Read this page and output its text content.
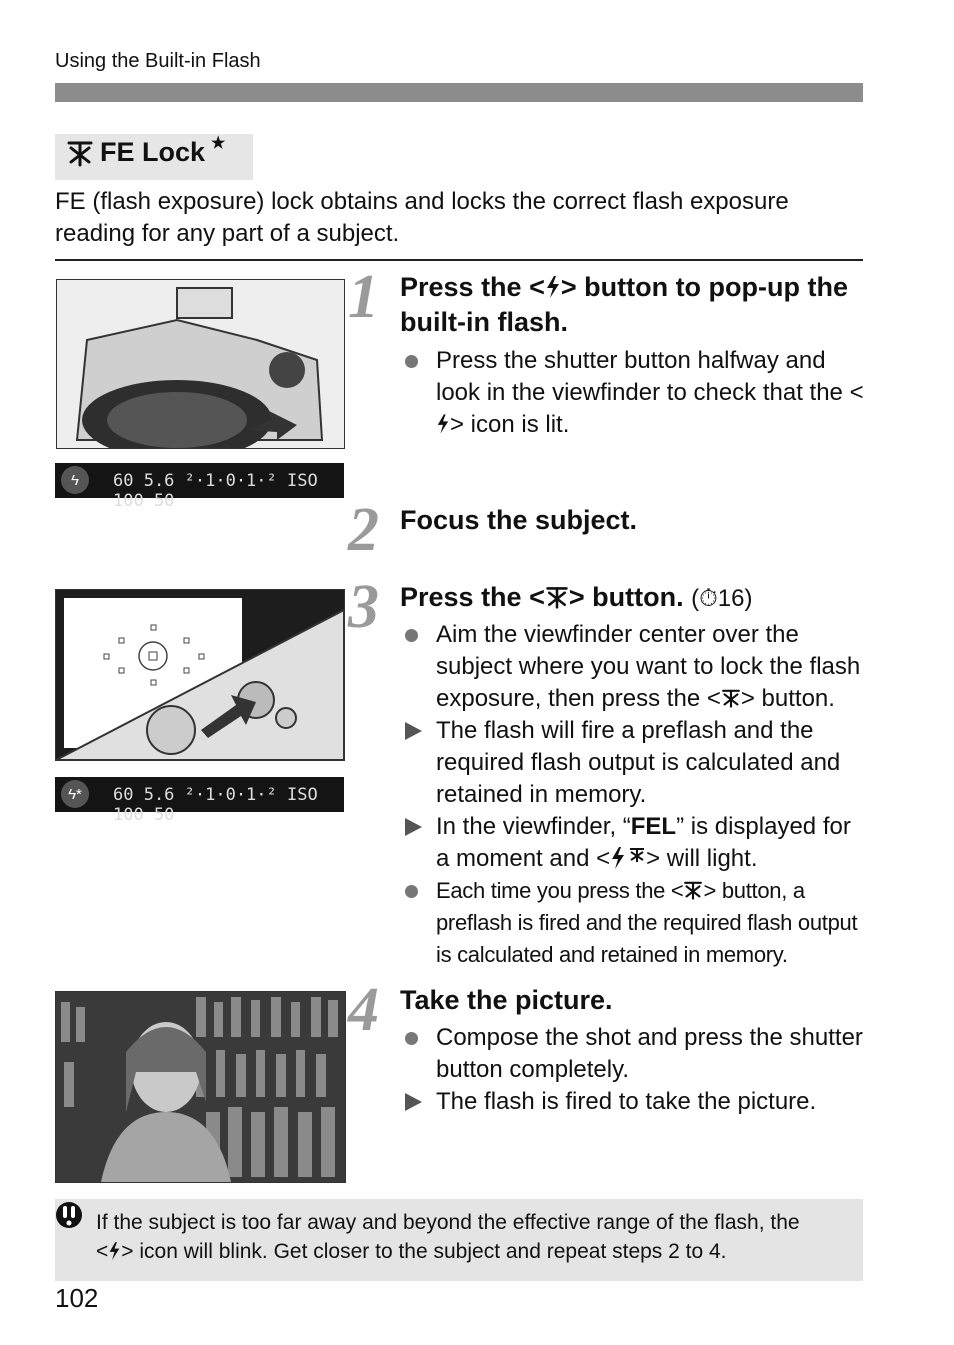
Using the Built-in Flash
FE Lock ★
FE (flash exposure) lock obtains and locks the correct flash exposure reading for any part of a subject.
ϟ	60 5.6 ²·1·0·1·² ISO 100 50
1 Press the < > button to pop-up the built-in flash.
Press the shutter button halfway and look in the viewfinder to check that the <> icon is lit.
2 Focus the subject.
ϟ*	60 5.6 ²·1·0·1·² ISO 100 50
3 Press the < > button. (⏱16)
Aim the viewfinder center over the subject where you want to lock the flash exposure, then press the < > button.
The flash will fire a preflash and the required flash output is calculated and retained in memory.
In the viewfinder, “FEL” is displayed for a moment and < > will light.
Each time you press the < > button, a preflash is fired and the required flash output is calculated and retained in memory.
4 Take the picture.
Compose the shot and press the shutter button completely.
The flash is fired to take the picture.
If the subject is too far away and beyond the effective range of the flash, the
< > icon will blink. Get closer to the subject and repeat steps 2 to 4.
102
